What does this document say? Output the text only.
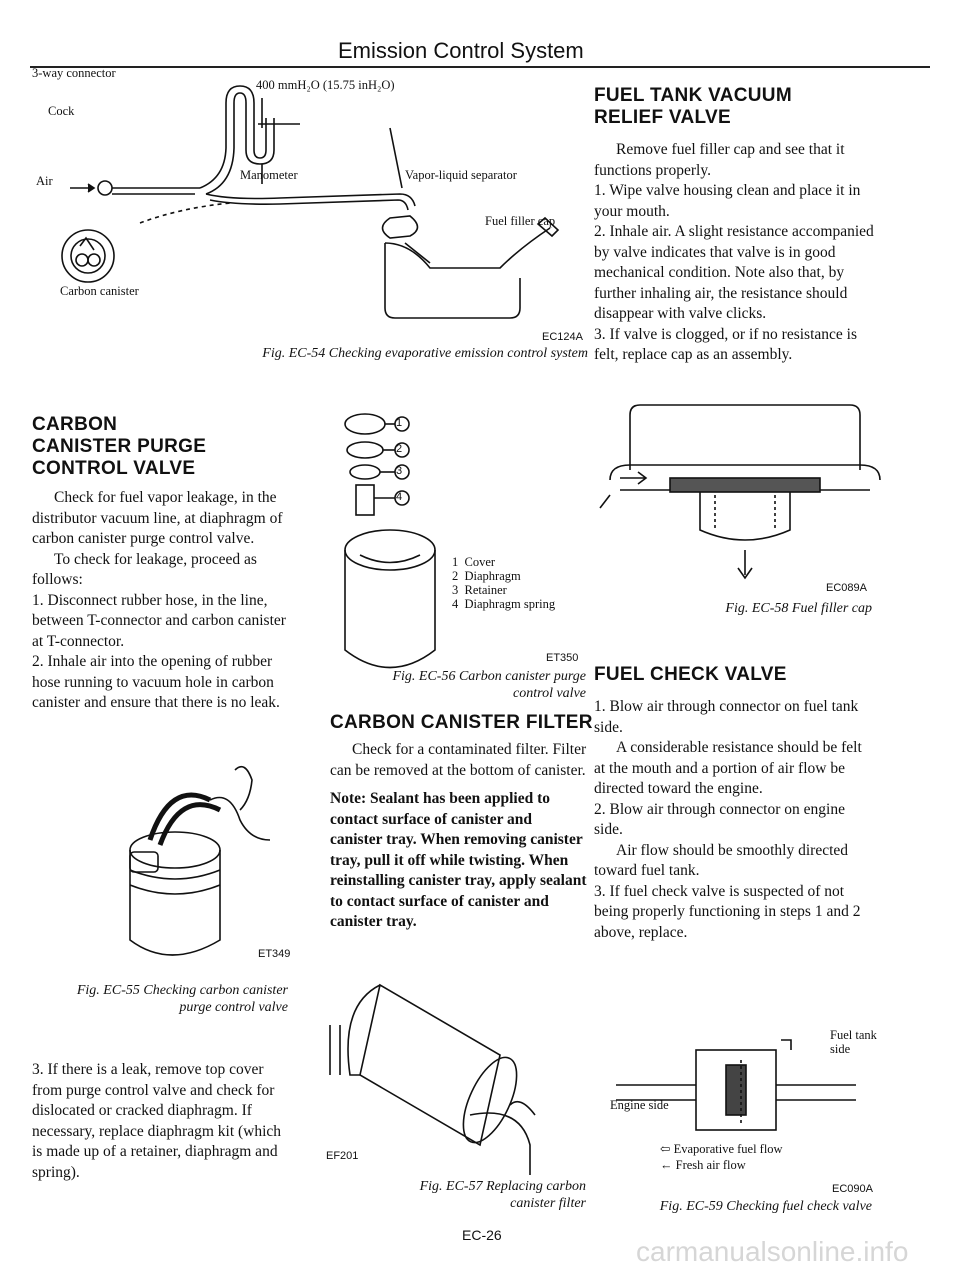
Emission Control System
3-way connector
Cock
Air
400 mmH₂O (15.75 inH₂O)
Manometer	Vapor-liquid separator
Fuel filler cap
Carbon canister
EC124A
Fig. EC-54 Checking evaporative emission control system

CARBON

CANISTER PURGE

CONTROL VALVE

Check for fuel vapor leakage, in the distributor vacuum line, at diaphragm of carbon canister purge control valve.

To check for leakage, proceed as follows:

1. Disconnect rubber hose, in the line, between T-connector and carbon canister at T-connector.

2. Inhale air into the opening of rubber hose running to vacuum hole in carbon canister and ensure that there is no leak.

ET349
Fig. EC-55 Checking carbon canister
purge control valve

3. If there is a leak, remove top cover from purge control valve and check for dislocated or cracked diaphragm. If necessary, replace diaphragm kit (which is made up of a retainer, diaphragm and spring).

1
2
3
4
1 Cover
2 Diaphragm
3 Retainer
4 Diaphragm spring
ET350
Fig. EC-56 Carbon canister purge
control valve
CARBON CANISTER FILTER

Check for a contaminated filter. Filter can be removed at the bottom of canister.

Note: Sealant has been applied to contact surface of canister and canister tray. When removing canister tray, pull it off while twisting. When reinstalling canister tray, apply sealant to contact surface of canister and canister tray.

EF201
Fig. EC-57 Replacing carbon
canister filter
EC-26

FUEL TANK VACUUM

RELIEF VALVE

Remove fuel filler cap and see that it functions properly.

1. Wipe valve housing clean and place it in your mouth.

2. Inhale air. A slight resistance accompanied by valve indicates that valve is in good mechanical condition. Note also that, by further inhaling air, the resistance should disappear with valve clicks.

3. If valve is clogged, or if no resistance is felt, replace cap as an assembly.

EC089A
Fig. EC-58 Fuel filler cap
FUEL CHECK VALVE

1. Blow air through connector on fuel tank side.

A considerable resistance should be felt at the mouth and a portion of air flow be directed toward the engine.

2. Blow air through connector on engine side.

Air flow should be smoothly directed toward fuel tank.

3. If fuel check valve is suspected of not being properly functioning in steps 1 and 2 above, replace.

Fuel tank
side
Engine side
⇦ Evaporative fuel flow
← Fresh air flow
EC090A
Fig. EC-59 Checking fuel check valve
carmanualsonline.info
